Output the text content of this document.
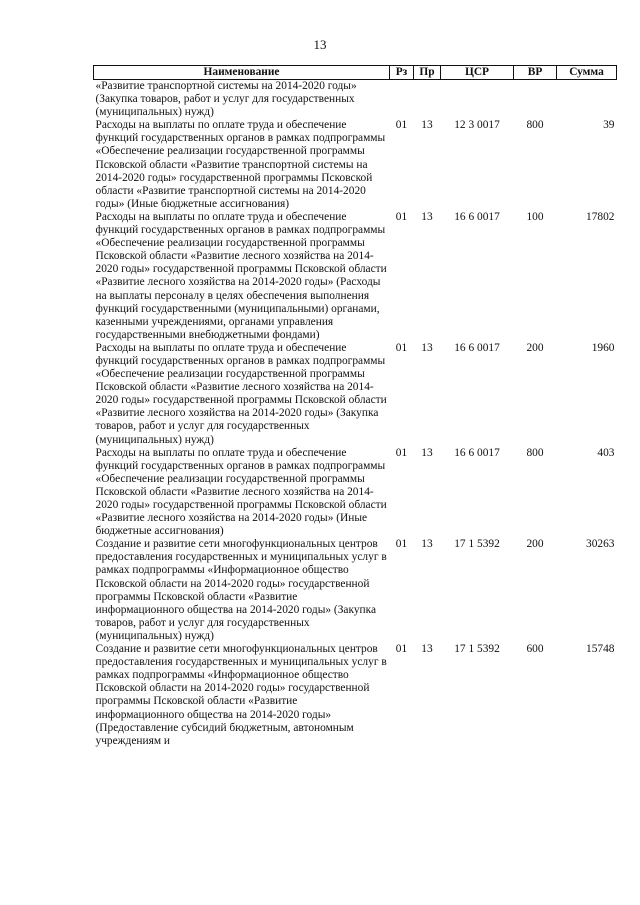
13
Наименование	Рз	Пр	ЦСР	ВР	Сумма
«Развитие транспортной системы на 2014-2020 годы» (Закупка товаров, работ и услуг для государственных (муниципальных) нужд)					
Расходы на выплаты по оплате труда и обеспечение функций государственных органов в рамках подпрограммы «Обеспечение реализации государственной программы Псковской области «Развитие транспортной системы на 2014-2020 годы» государственной программы Псковской области «Развитие транспортной системы на 2014-2020 годы» (Иные бюджетные ассигнования)	01	13	12 3 0017	800	39
Расходы на выплаты по оплате труда и обеспечение функций государственных органов в рамках подпрограммы «Обеспечение реализации государственной программы Псковской области «Развитие лесного хозяйства на 2014-2020 годы» государственной программы Псковской области «Развитие лесного хозяйства на 2014-2020 годы» (Расходы на выплаты персоналу в целях обеспечения выполнения функций государственными (муниципальными) органами, казенными учреждениями, органами управления государственными внебюджетными фондами)	01	13	16 6 0017	100	17802
Расходы на выплаты по оплате труда и обеспечение функций государственных органов в рамках подпрограммы «Обеспечение реализации государственной программы Псковской области «Развитие лесного хозяйства на 2014-2020 годы» государственной программы Псковской области «Развитие лесного хозяйства на 2014-2020 годы» (Закупка товаров, работ и услуг для государственных (муниципальных) нужд)	01	13	16 6 0017	200	1960
Расходы на выплаты по оплате труда и обеспечение функций государственных органов в рамках подпрограммы «Обеспечение реализации государственной программы Псковской области «Развитие лесного хозяйства на 2014-2020 годы» государственной программы Псковской области «Развитие лесного хозяйства на 2014-2020 годы» (Иные бюджетные ассигнования)	01	13	16 6 0017	800	403
Создание и развитие сети многофункциональных центров предоставления государственных и муниципальных услуг в рамках подпрограммы «Информационное общество Псковской области на 2014-2020 годы» государственной программы Псковской области «Развитие информационного общества на 2014-2020 годы» (Закупка товаров, работ и услуг для государственных (муниципальных) нужд)	01	13	17 1 5392	200	30263
Создание и развитие сети многофункциональных центров предоставления государственных и муниципальных услуг в рамках подпрограммы «Информационное общество Псковской области на 2014-2020 годы» государственной программы Псковской области «Развитие информационного общества на 2014-2020 годы» (Предоставление субсидий бюджетным, автономным учреждениям и	01	13	17 1 5392	600	15748
